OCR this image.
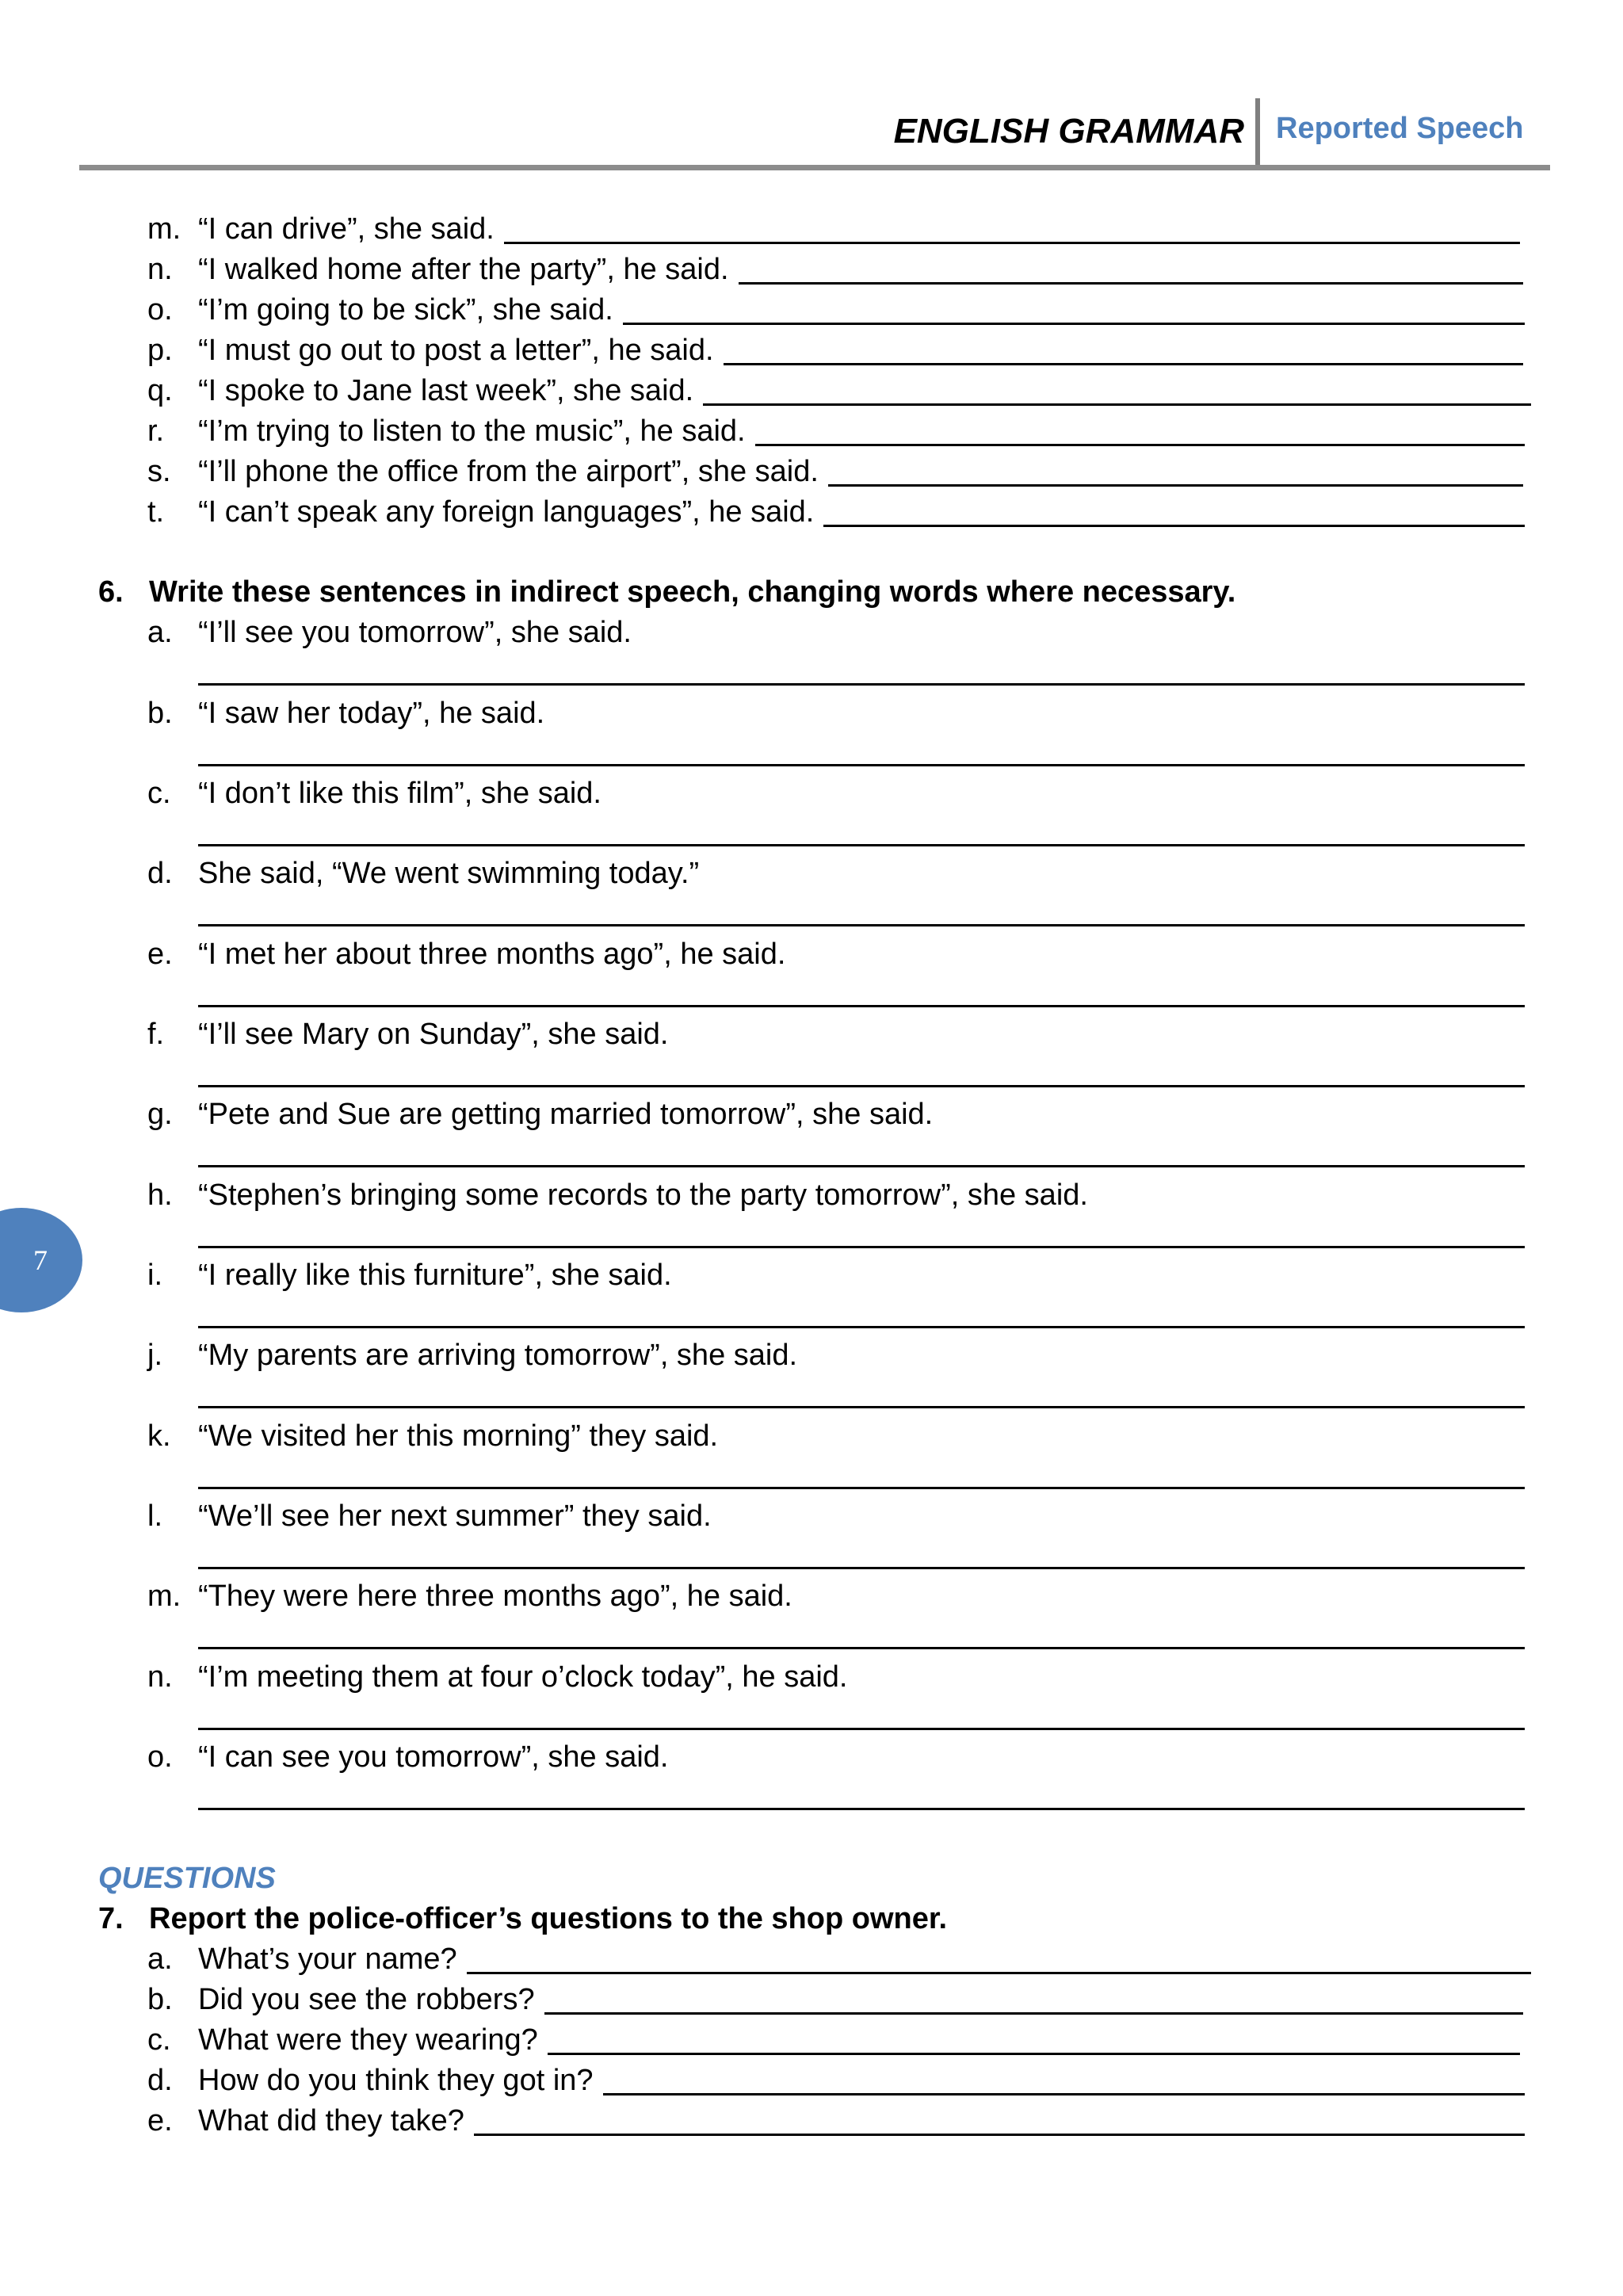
ENGLISH GRAMMAR Reported Speech
7
m. “I can drive”, she said.
n. “I walked home after the party”, he said.
o. “I’m going to be sick”, she said.
p. “I must go out to post a letter”, he said.
q. “I spoke to Jane last week”, she said.
r.	“I’m trying to listen to the music”, he said.
s. “I’ll phone the office from the airport”, she said.
t.	“I can’t speak any foreign languages”, he said.
6. Write these sentences in indirect speech, changing words where necessary.
a. “I’ll see you tomorrow”, she said.
b. “I saw her today”, he said.
c. “I don’t like this film”, she said.
d. She said, “We went swimming today.”
e. “I met her about three months ago”, he said.
f.	“I’ll see Mary on Sunday”, she said.
g. “Pete and Sue are getting married tomorrow”, she said.
h. “Stephen’s bringing some records to the party tomorrow”, she said.
i.	“I really like this furniture”, she said.
j.	“My parents are arriving tomorrow”, she said.
k. “We visited her this morning” they said.
l.	“We’ll see her next summer” they said.
m. “They were here three months ago”, he said.
n. “I’m meeting them at four o’clock today”, he said.
o. “I can see you tomorrow”, she said.
QUESTIONS
7. Report the police-officer’s questions to the shop owner.
a. What’s your name?
b. Did you see the robbers?
c. What were they wearing?
d. How do you think they got in?
e. What did they take?
